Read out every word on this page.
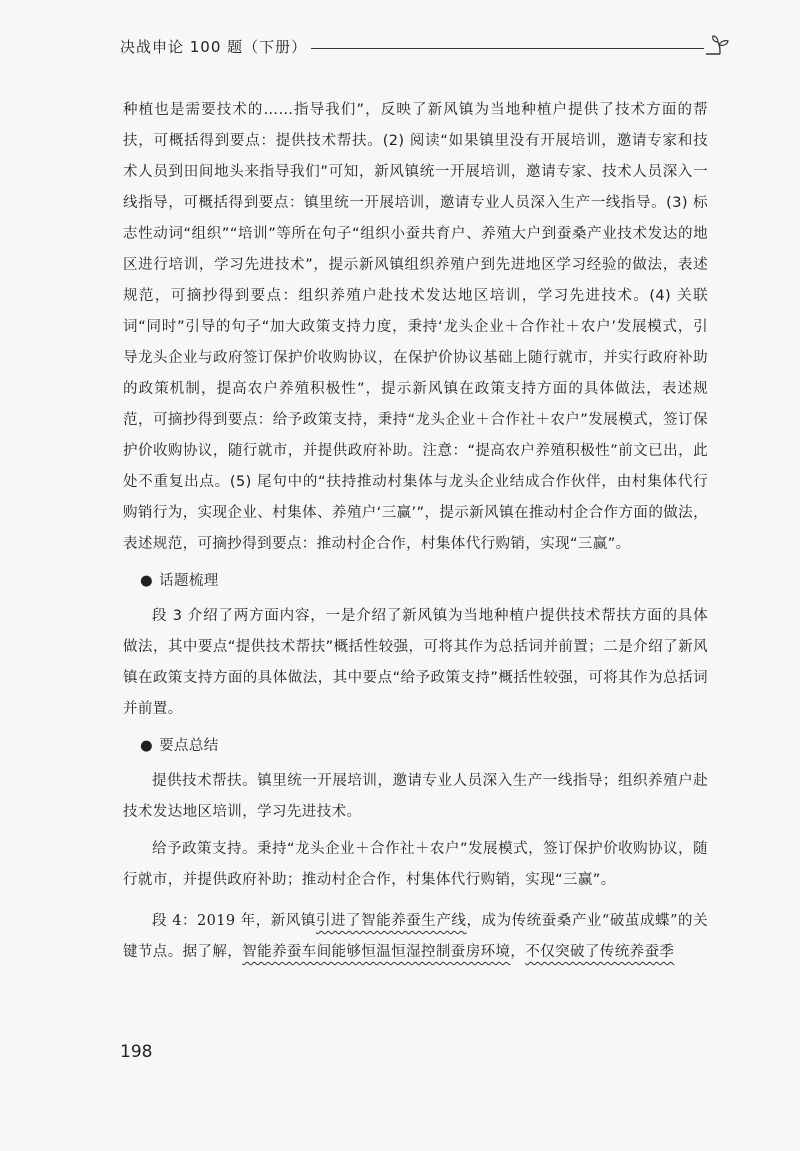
决战申论 100 题（下册）

种植也是需要技术的……指导我们”，反映了新风镇为当地种植户提供了技术方面的帮扶，可概括得到要点：提供技术帮扶。(2) 阅读“如果镇里没有开展培训，邀请专家和技术人员到田间地头来指导我们”可知，新风镇统一开展培训，邀请专家、技术人员深入一线指导，可概括得到要点：镇里统一开展培训，邀请专业人员深入生产一线指导。(3) 标志性动词“组织”“培训”等所在句子“组织小蚕共育户、养殖大户到蚕桑产业技术发达的地区进行培训，学习先进技术”，提示新风镇组织养殖户到先进地区学习经验的做法，表述规范，可摘抄得到要点：组织养殖户赴技术发达地区培训，学习先进技术。(4) 关联词“同时”引导的句子“加大政策支持力度，秉持‘龙头企业＋合作社＋农户’发展模式，引导龙头企业与政府签订保护价收购协议，在保护价协议基础上随行就市，并实行政府补助的政策机制，提高农户养殖积极性”，提示新风镇在政策支持方面的具体做法，表述规范，可摘抄得到要点：给予政策支持，秉持“龙头企业＋合作社＋农户”发展模式，签订保护价收购协议，随行就市，并提供政府补助。注意：“提高农户养殖积极性”前文已出，此处不重复出点。(5) 尾句中的“扶持推动村集体与龙头企业结成合作伙伴，由村集体代行购销行为，实现企业、村集体、养殖户‘三赢’”，提示新风镇在推动村企合作方面的做法，表述规范，可摘抄得到要点：推动村企合作，村集体代行购销，实现“三赢”。

● 话题梳理

段 3 介绍了两方面内容，一是介绍了新风镇为当地种植户提供技术帮扶方面的具体做法，其中要点“提供技术帮扶”概括性较强，可将其作为总括词并前置；二是介绍了新风镇在政策支持方面的具体做法，其中要点“给予政策支持”概括性较强，可将其作为总括词并前置。

● 要点总结

提供技术帮扶。镇里统一开展培训，邀请专业人员深入生产一线指导；组织养殖户赴技术发达地区培训，学习先进技术。

给予政策支持。秉持“龙头企业＋合作社＋农户”发展模式，签订保护价收购协议，随行就市，并提供政府补助；推动村企合作，村集体代行购销，实现“三赢”。

段 4：2019 年，新风镇引进了智能养蚕生产线，成为传统蚕桑产业“破茧成蝶”的关键节点。据了解，智能养蚕车间能够恒温恒湿控制蚕房环境，不仅突破了传统养蚕季

198
